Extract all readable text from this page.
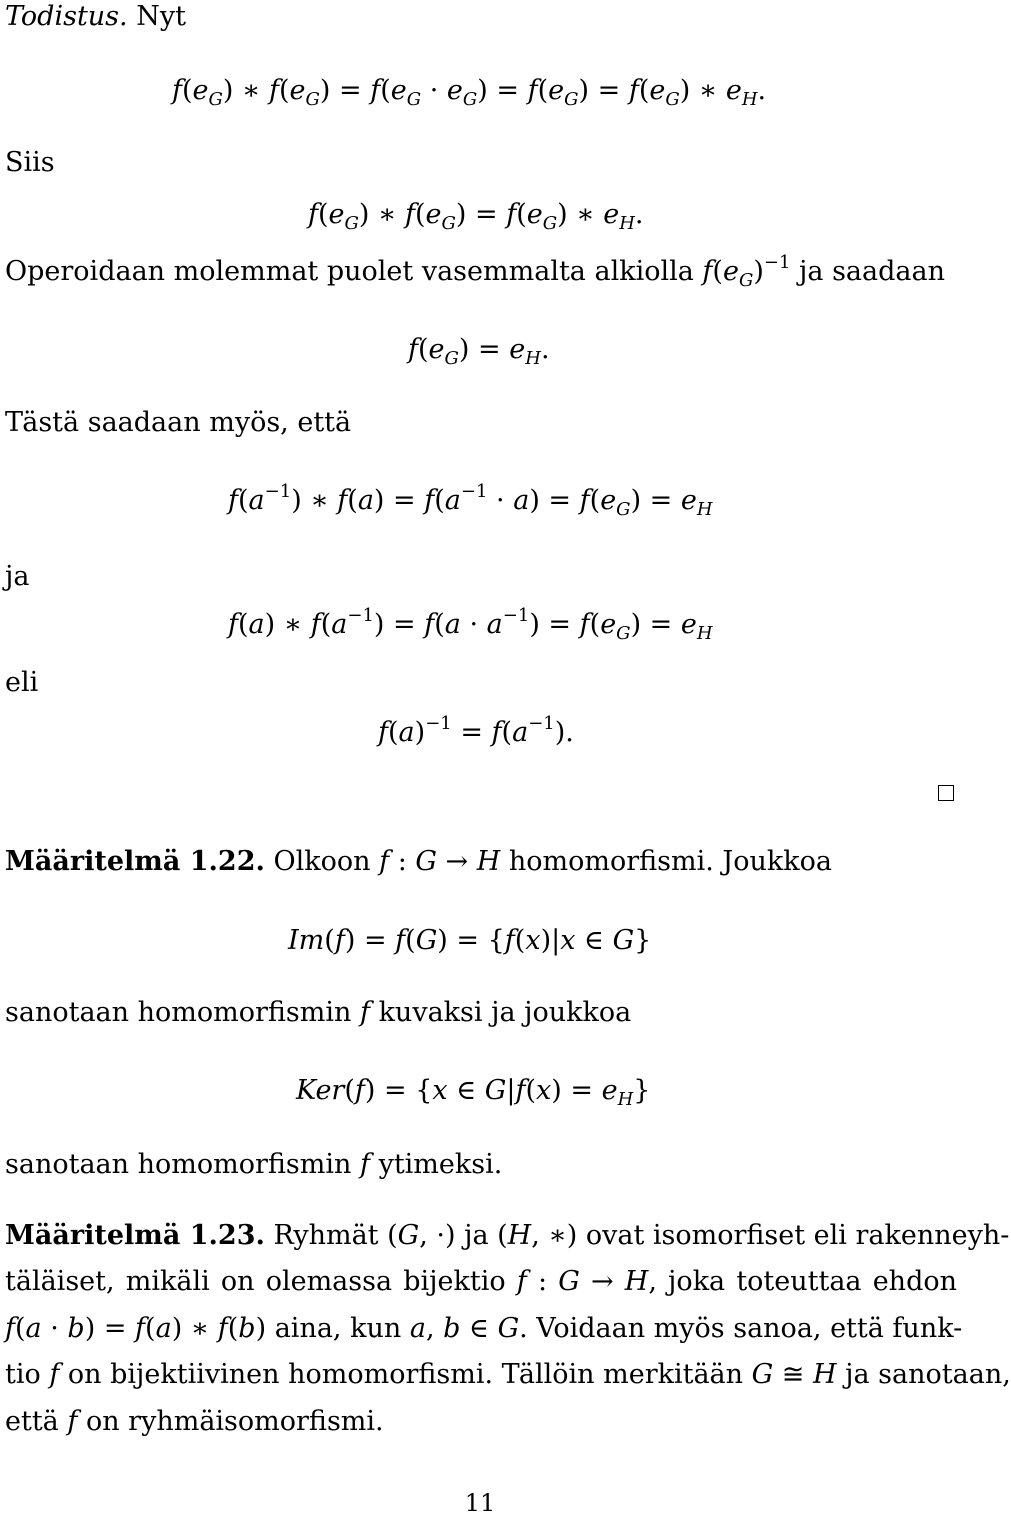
Todistus. Nyt
$f(e_G)$ ∗ $f(e_G) = f(e_G \cdot e_G) = f(e_G) = f(e_G)$ ∗ $e_H$.
Siis
$f(e_G)$ ∗ $f(e_G) = f(e_G)$ ∗ $e_H$.
Operoidaan molemmat puolet vasemmalta alkiolla $f(e_G)^{-1}$ ja saadaan
$f(e_G) = e_H$.
Tästä saadaan myös, että
$f(a^{-1})$ ∗ $f(a) = f(a^{-1} \cdot a) = f(e_G) = e_H$
ja
f(a) ∗ $f(a^{-1}) = f(a \cdot a^{-1}) = f(e_G) = e_H$
eli
$f(a)^{-1} = f(a^{-1})$.
Määritelmä 1.22. Olkoon f : G → H homomorfismi. Joukkoa
Im(f) = f(G) = {f(x)|x ∈ G}
sanotaan homomorfismin f kuvaksi ja joukkoa
Ker(f) = {x ∈ $G|f(x) = e_H$}
sanotaan homomorfismin f ytimeksi.
Määritelmä 1.23. Ryhmät (G, ·) ja (H, ∗) ovat isomorfiset eli rakenneyh-
täläiset, mikäli on olemassa bijektio f : G → H, joka toteuttaa ehdon
f(a · b) = f(a) ∗ f(b) aina, kun a, b ∈ G. Voidaan myös sanoa, että funk-
tio f on bijektiivinen homomorfismi. Tällöin merkitään G ≅ H ja sanotaan,
että f on ryhmäisomorfismi.
11
